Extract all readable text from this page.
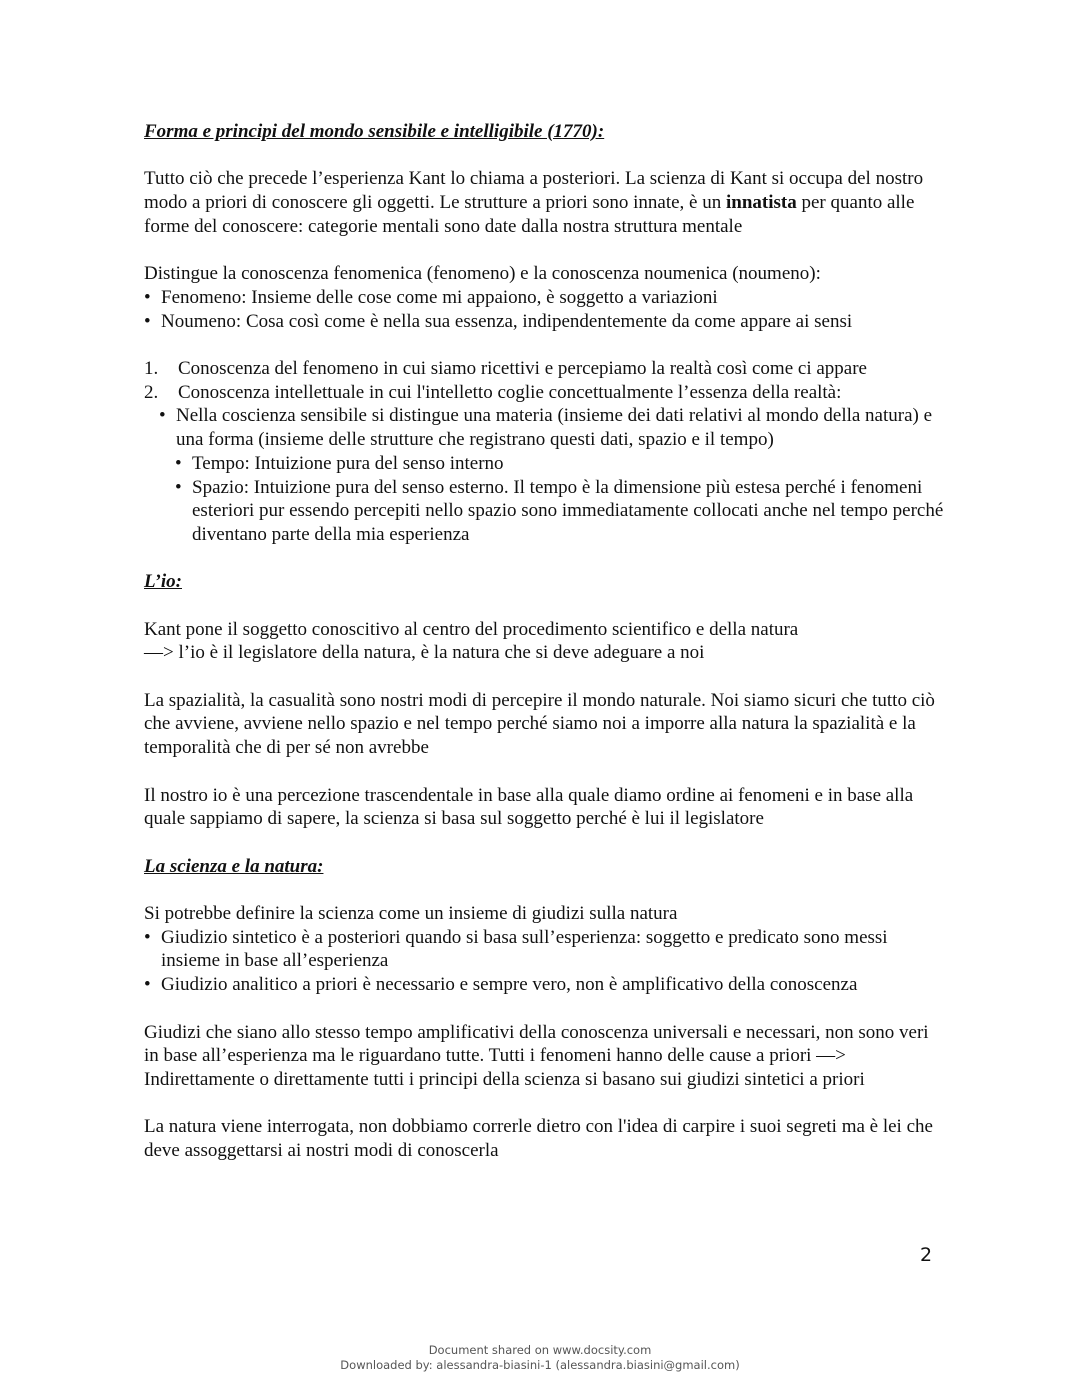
Forma e principi del mondo sensibile e intelligibile (1770):

Tutto ciò che precede l’esperienza Kant lo chiama a posteriori. La scienza di Kant si occupa del nostro modo a priori di conoscere gli oggetti. Le strutture a priori sono innate, è un innatista per quanto alle forme del conoscere: categorie mentali sono date dalla nostra struttura mentale

Distingue la conoscenza fenomenica (fenomeno) e la conoscenza noumenica (noumeno):
• Fenomeno: Insieme delle cose come mi appaiono, è soggetto a variazioni
• Noumeno: Cosa così come è nella sua essenza, indipendentemente da come appare ai sensi
1. Conoscenza del fenomeno in cui siamo ricettivi e percepiamo la realtà così come ci appare
2. Conoscenza intellettuale in cui l'intelletto coglie concettualmente l’essenza della realtà:
• Nella coscienza sensibile si distingue una materia (insieme dei dati relativi al mondo della natura) e una forma (insieme delle strutture che registrano questi dati, spazio e il tempo)
• Tempo: Intuizione pura del senso interno
• Spazio: Intuizione pura del senso esterno. Il tempo è la dimensione più estesa perché i fenomeni esteriori pur essendo percepiti nello spazio sono immediatamente collocati anche nel tempo perché diventano parte della mia esperienza
L’io:

Kant pone il soggetto conoscitivo al centro del procedimento scientifico e della natura
—> l’io è il legislatore della natura, è la natura che si deve adeguare a noi

La spazialità, la casualità sono nostri modi di percepire il mondo naturale. Noi siamo sicuri che tutto ciò che avviene, avviene nello spazio e nel tempo perché siamo noi a imporre alla natura la spazialità e la temporalità che di per sé non avrebbe

Il nostro io è una percezione trascendentale in base alla quale diamo ordine ai fenomeni e in base alla quale sappiamo di sapere, la scienza si basa sul soggetto perché è lui il legislatore

La scienza e la natura:
Si potrebbe definire la scienza come un insieme di giudizi sulla natura
• Giudizio sintetico è a posteriori quando si basa sull’esperienza: soggetto e predicato sono messi insieme in base all’esperienza
• Giudizio analitico a priori è necessario e sempre vero, non è amplificativo della conoscenza

Giudizi che siano allo stesso tempo amplificativi della conoscenza universali e necessari, non sono veri in base all’esperienza ma le riguardano tutte. Tutti i fenomeni hanno delle cause a priori —> Indirettamente o direttamente tutti i principi della scienza si basano sui giudizi sintetici a priori

La natura viene interrogata, non dobbiamo correrle dietro con l'idea di carpire i suoi segreti ma è lei che deve assoggettarsi ai nostri modi di conoscerla

2
Document shared on www.docsity.com
Downloaded by: alessandra-biasini-1 (alessandra.biasini@gmail.com)
